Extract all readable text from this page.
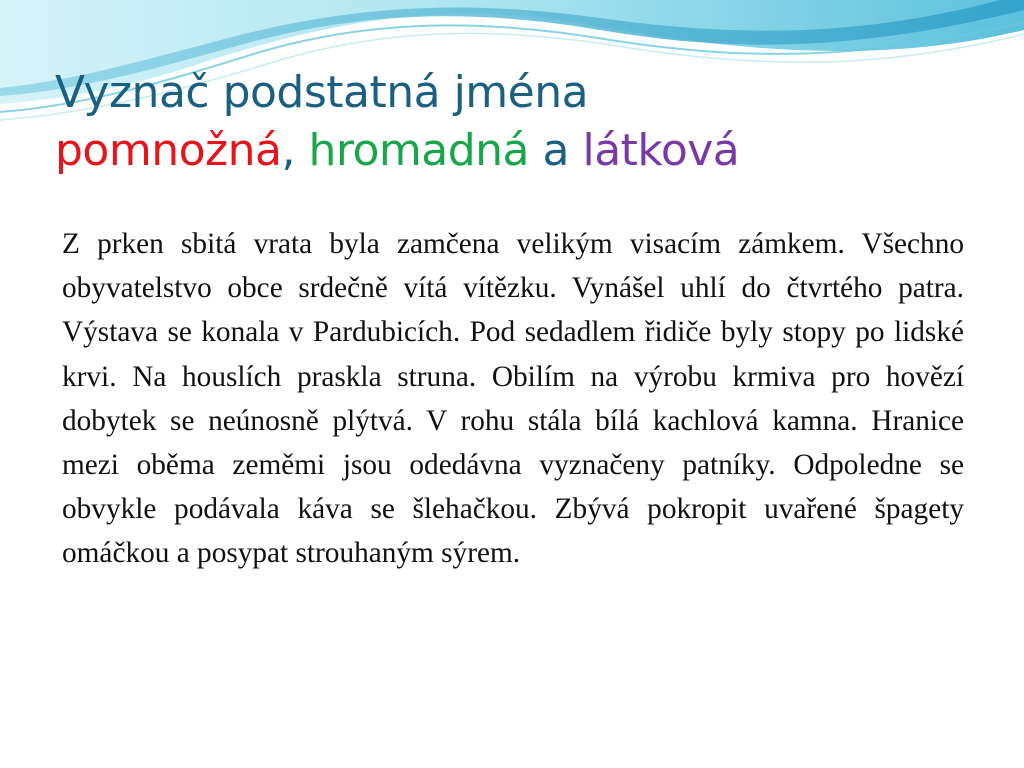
Vyznač podstatná jména
pomnožná, hromadná a látková

Z prken sbitá vrata byla zamčena velikým visacím zámkem. Všechno obyvatelstvo obce srdečně vítá vítězku. Vynášel uhlí do čtvrtého patra. Výstava se konala v Pardubicích. Pod sedadlem řidiče byly stopy po lidské krvi. Na houslích praskla struna. Obilím na výrobu krmiva pro hovězí dobytek se neúnosně plýtvá. V rohu stála bílá kachlová kamna. Hranice mezi oběma zeměmi jsou odedávna vyznačeny patníky. Odpoledne se obvykle podávala káva se šlehačkou. Zbývá pokropit uvařené špagety omáčkou a posypat strouhaným sýrem.
